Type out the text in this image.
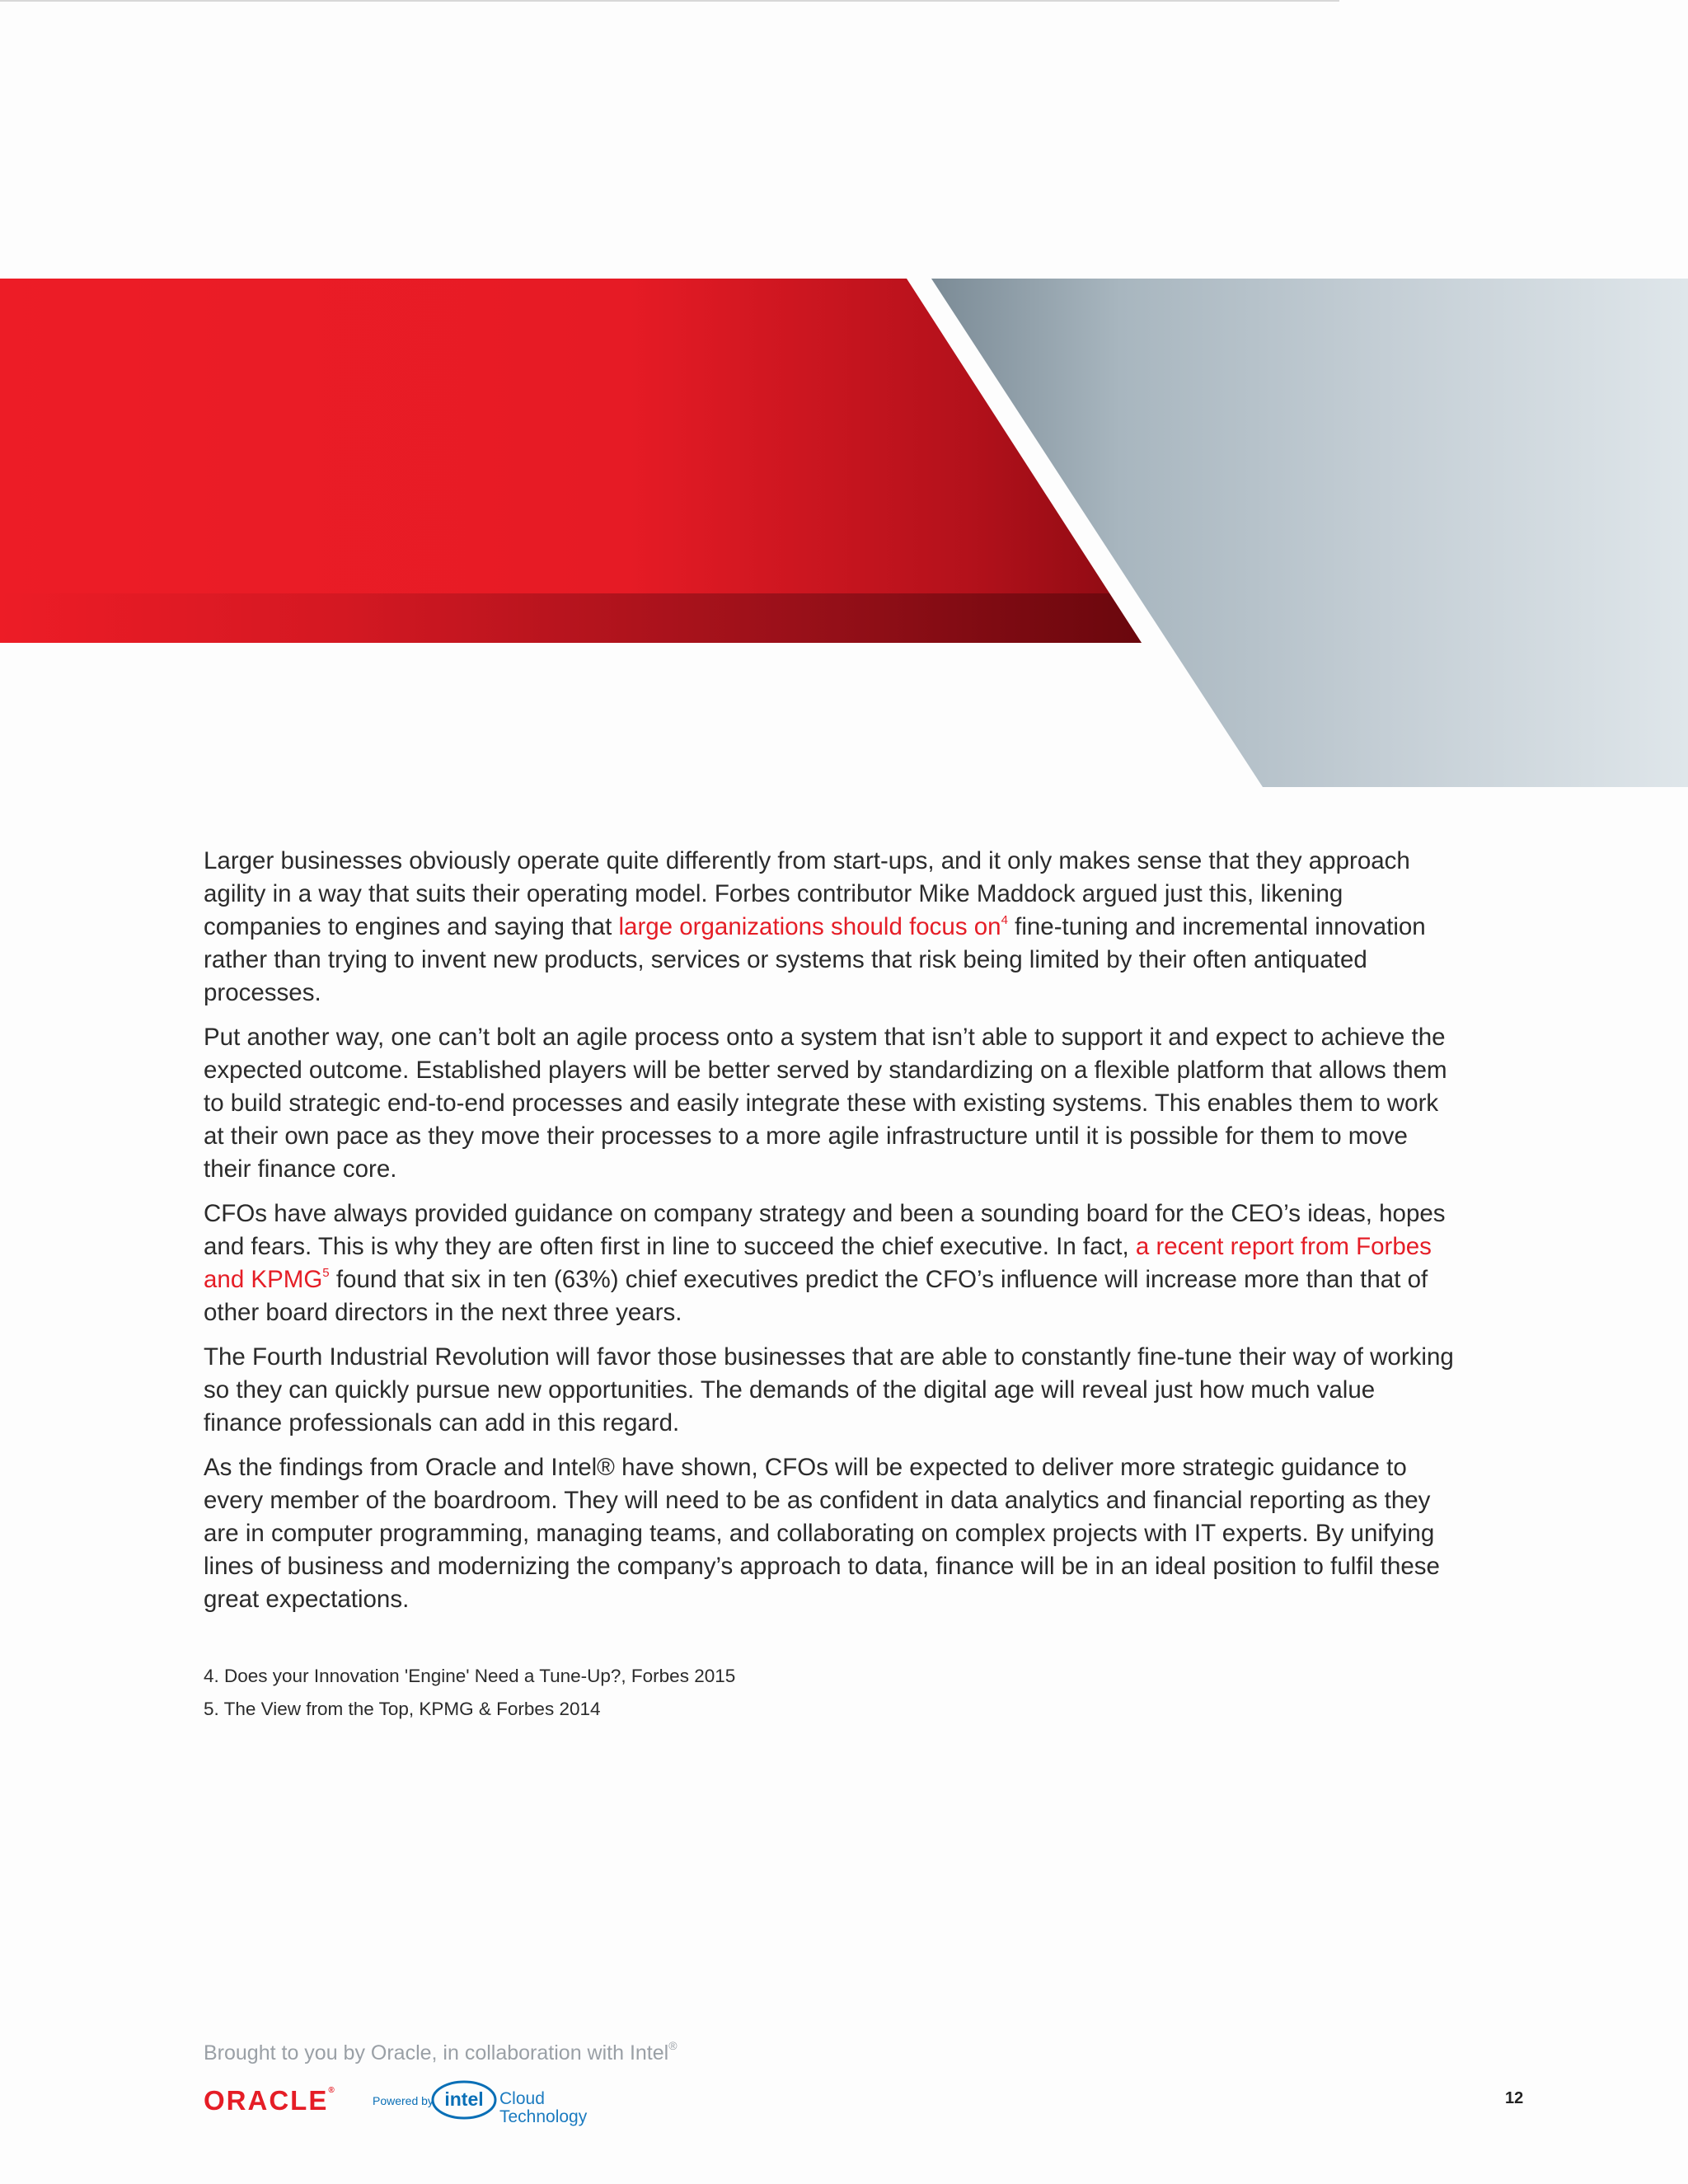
Larger businesses obviously operate quite differently from start-ups, and it only makes sense that they approach agility in a way that suits their operating model. Forbes contributor Mike Maddock argued just this, likening companies to engines and saying that large organizations should focus $on^4$ fine-tuning and incremental innovation rather than trying to invent new products, services or systems that risk being limited by their often antiquated processes.

Put another way, one can’t bolt an agile process onto a system that isn’t able to support it and expect to achieve the expected outcome. Established players will be better served by standardizing on a flexible platform that allows them to build strategic end-to-end processes and easily integrate these with existing systems. This enables them to work at their own pace as they move their processes to a more agile infrastructure until it is possible for them to move their finance core.

CFOs have always provided guidance on company strategy and been a sounding board for the CEO’s ideas, hopes and fears. This is why they are often first in line to succeed the chief executive. In fact, a recent report from Forbes and KPMG$^5$ found that six in ten (63%) chief executives predict the CFO’s influence will increase more than that of other board directors in the next three years.

The Fourth Industrial Revolution will favor those businesses that are able to constantly fine-tune their way of working so they can quickly pursue new opportunities. The demands of the digital age will reveal just how much value finance professionals can add in this regard.

As the findings from Oracle and Intel® have shown, CFOs will be expected to deliver more strategic guidance to every member of the boardroom. They will need to be as confident in data analytics and financial reporting as they are in computer programming, managing teams, and collaborating on complex projects with IT experts. By unifying lines of business and modernizing the company’s approach to data, finance will be in an ideal position to fulfil these great expectations.

4. Does your Innovation 'Engine' Need a Tune-Up?, Forbes 2015
5. The View from the Top, KPMG & Forbes 2014
Brought to you by Oracle, in collaboration with Intel®
ORACLE®
Powered by intel Cloud
Technology
12
